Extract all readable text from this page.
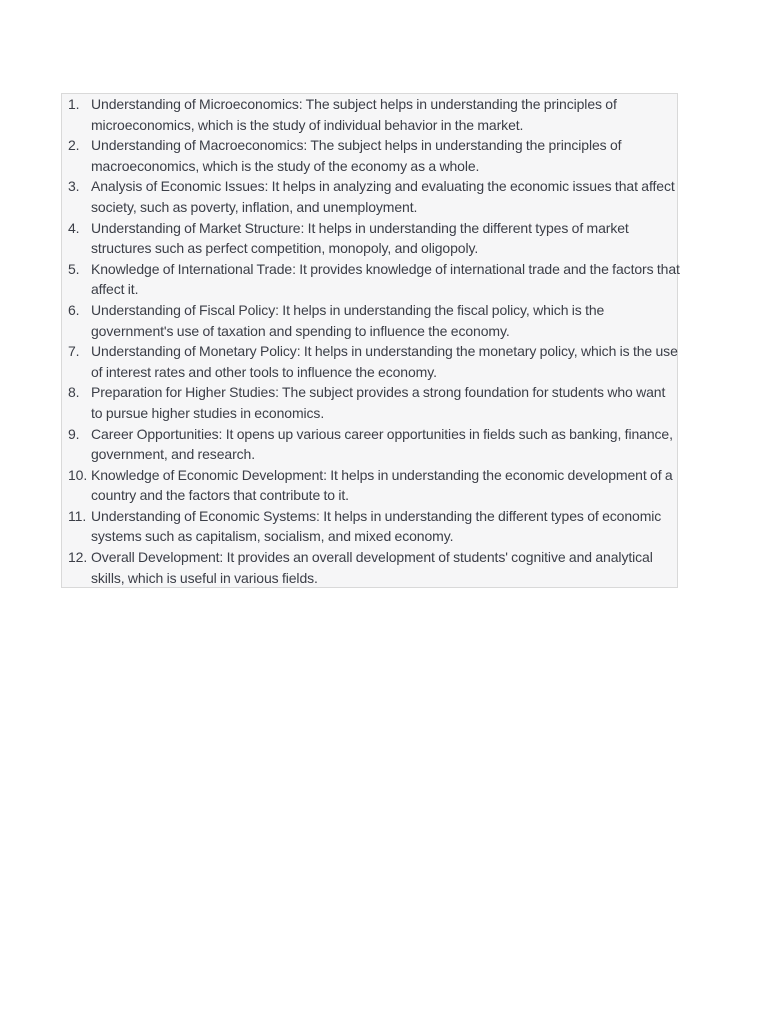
1. Understanding of Microeconomics: The subject helps in understanding the principles of microeconomics, which is the study of individual behavior in the market.
2. Understanding of Macroeconomics: The subject helps in understanding the principles of macroeconomics, which is the study of the economy as a whole.
3. Analysis of Economic Issues: It helps in analyzing and evaluating the economic issues that affect society, such as poverty, inflation, and unemployment.
4. Understanding of Market Structure: It helps in understanding the different types of market structures such as perfect competition, monopoly, and oligopoly.
5. Knowledge of International Trade: It provides knowledge of international trade and the factors that affect it.
6. Understanding of Fiscal Policy: It helps in understanding the fiscal policy, which is the government's use of taxation and spending to influence the economy.
7. Understanding of Monetary Policy: It helps in understanding the monetary policy, which is the use of interest rates and other tools to influence the economy.
8. Preparation for Higher Studies: The subject provides a strong foundation for students who want to pursue higher studies in economics.
9. Career Opportunities: It opens up various career opportunities in fields such as banking, finance, government, and research.
10. Knowledge of Economic Development: It helps in understanding the economic development of a country and the factors that contribute to it.
11. Understanding of Economic Systems: It helps in understanding the different types of economic systems such as capitalism, socialism, and mixed economy.
12. Overall Development: It provides an overall development of students' cognitive and analytical skills, which is useful in various fields.
